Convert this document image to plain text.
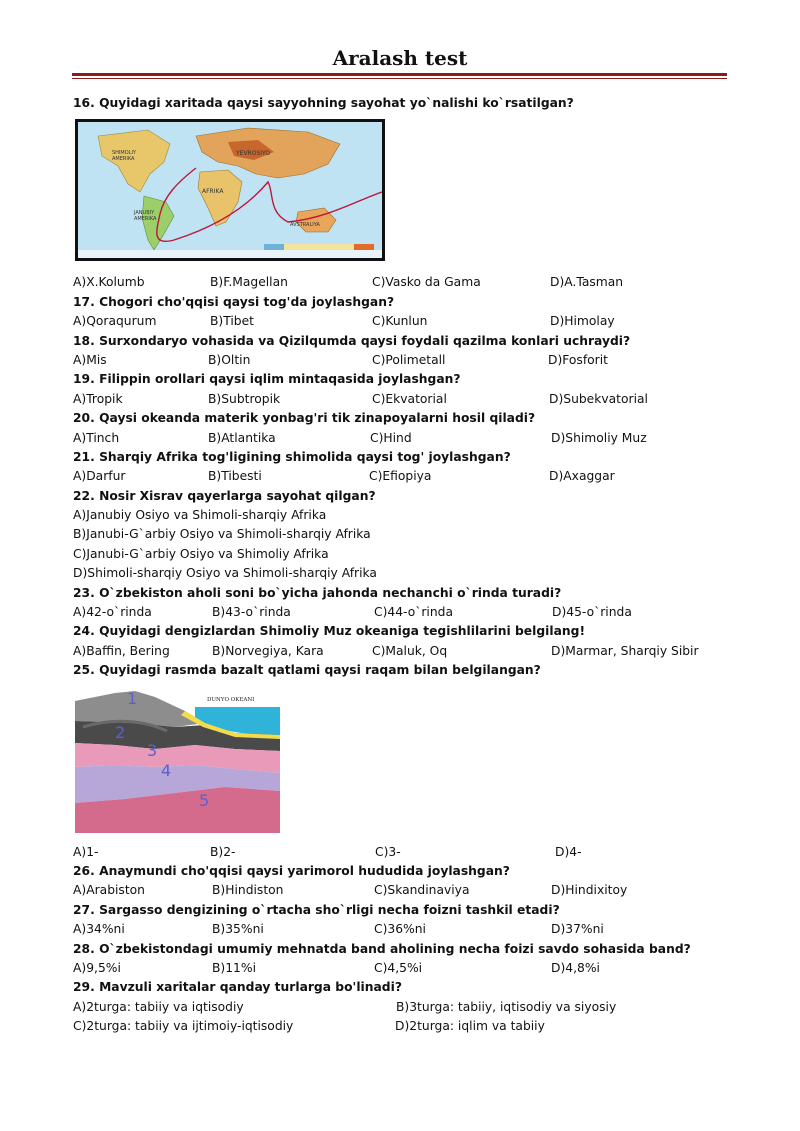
Aralash test
16. Quyidagi xaritada qaysi sayyohning sayohat yo`nalishi ko`rsatilgan?
SHIMOLIY AMERIKA
JANUBIY AMERIKA
YEVROSIYO
AFRIKA
AVSTRALIYA
A)X.Kolumb	B)F.Magellan	C)Vasko da Gama	D)A.Tasman
17. Chogori cho'qqisi qaysi tog'da joylashgan?
A)Qoraqurum	B)Tibet	C)Kunlun	D)Himolay
18. Surxondaryo vohasida va Qizilqumda qaysi foydali qazilma konlari uchraydi?
A)Mis	B)Oltin	C)Polimetall	D)Fosforit
19. Filippin orollari qaysi iqlim mintaqasida joylashgan?
A)Tropik	B)Subtropik	C)Ekvatorial	D)Subekvatorial
20. Qaysi okeanda materik yonbag'ri tik zinapoyalarni hosil qiladi?
A)Tinch	B)Atlantika	C)Hind	D)Shimoliy Muz
21. Sharqiy Afrika tog'ligining shimolida qaysi tog' joylashgan?
A)Darfur	B)Tibesti	C)Efiopiya	D)Axaggar
22. Nosir Xisrav qayerlarga sayohat qilgan?
A)Janubiy Osiyo va Shimoli-sharqiy Afrika
B)Janubi-G`arbiy Osiyo va Shimoli-sharqiy Afrika
C)Janubi-G`arbiy Osiyo va Shimoliy Afrika
D)Shimoli-sharqiy Osiyo va Shimoli-sharqiy Afrika
23. O`zbekiston aholi soni bo`yicha jahonda nechanchi o`rinda turadi?
A)42-o`rinda	B)43-o`rinda	C)44-o`rinda	D)45-o`rinda
24. Quyidagi dengizlardan Shimoliy Muz okeaniga tegishlilarini belgilang!
A)Baffin, Bering	B)Norvegiya, Kara	C)Maluk, Oq	D)Marmar, Sharqiy Sibir
25. Quyidagi rasmda bazalt qatlami qaysi raqam bilan belgilangan?
DUNYO OKEANI
1
2
3
4
5
A)1-	B)2-	C)3-	D)4-
26. Anaymundi cho'qqisi qaysi yarimorol hududida joylashgan?
A)Arabiston	B)Hindiston	C)Skandinaviya	D)Hindixitoy
27. Sargasso dengizining o`rtacha sho`rligi necha foizni tashkil etadi?
A)34%ni	B)35%ni	C)36%ni	D)37%ni
28. O`zbekistondagi umumiy mehnatda band aholining necha foizi savdo sohasida band?
A)9,5%i	B)11%i	C)4,5%i	D)4,8%i
29. Mavzuli xaritalar qanday turlarga bo'linadi?
A)2turga: tabiiy va iqtisodiy	B)3turga: tabiiy, iqtisodiy va siyosiy
C)2turga: tabiiy va ijtimoiy-iqtisodiy	D)2turga: iqlim va tabiiy
